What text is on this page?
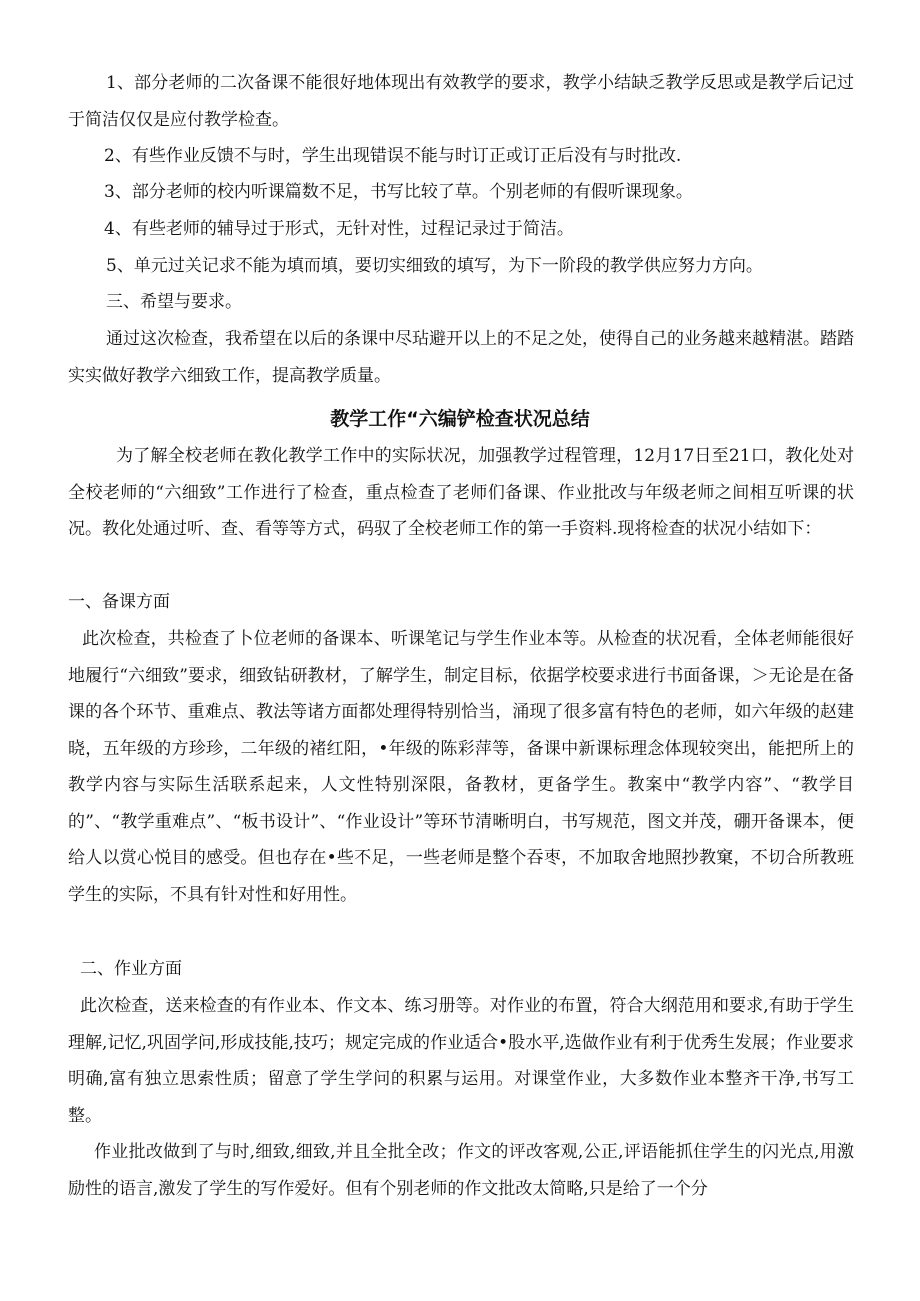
1、部分老师的二次备课不能很好地体现出有效教学的要求，教学小结缺乏教学反思或是教学后记过于简洁仅仅是应付教学检查。

2、有些作业反馈不与时，学生出现错误不能与时订正或订正后没有与时批改.

3、部分老师的校内听课篇数不足，书写比较了草。个别老师的有假听课现象。

4、有些老师的辅导过于形式，无针对性，过程记录过于简洁。

5、单元过关记求不能为填而填，要切实细致的填写，为下一阶段的教学供应努力方向。

三、希望与要求。

通过这次检查，我希望在以后的条课中尽玷避开以上的不足之处，使得自己的业务越来越精湛。踏踏实实做好教学六细致工作，提高教学质量。

教学工作“六编铲检查状况总结

为了解全校老师在教化教学工作中的实际状况，加强教学过程管理，12月17日至21口，教化处对全校老师的“六细致”工作进行了检查，重点检查了老师们备课、作业批改与年级老师之间相互听课的状况。教化处通过听、查、看等等方式，码驭了全校老师工作的第一手资料.现将检查的状况小结如下：

一、备课方面

此次检查，共检查了卜位老师的备课本、听课笔记与学生作业本等。从检查的状况看，全体老师能很好地履行“六细致”要求，细致钻研教材，了解学生，制定目标，依据学校要求进行书面备课，＞无论是在备课的各个环节、重难点、教法等诸方面都处理得特别恰当，涌现了很多富有特色的老师，如六年级的赵建晓，五年级的方珍珍，二年级的褚红阳，•年级的陈彩萍等，备课中新课标理念体现较突出，能把所上的教学内容与实际生活联系起来，人文性特别深限，备教材，更备学生。教案中“教学内容”、“教学目的”、“教学重难点”、“板书设计”、“作业设计”等环节清晰明白，书写规范，图文并茂，硼开备课本，便给人以赏心悦目的感受。但也存在•些不足，一些老师是整个吞枣，不加取舍地照抄教窠，不切合所教班学生的实际，不具有针对性和好用性。

二、作业方面

此次检查，送来检查的有作业本、作文本、练习册等。对作业的布置，符合大纲范用和要求,有助于学生理解,记忆,巩固学问,形成技能,技巧；规定完成的作业适合•股水平,选做作业有利于优秀生发展；作业要求明确,富有独立思索性质；留意了学生学问的积累与运用。对课堂作业，大多数作业本整齐干净,书写工整。

作业批改做到了与时,细致,细致,并且全批全改；作文的评改客观,公正,评语能抓住学生的闪光点,用激励性的语言,激发了学生的写作爱好。但有个别老师的作文批改太简略,只是给了一个分
